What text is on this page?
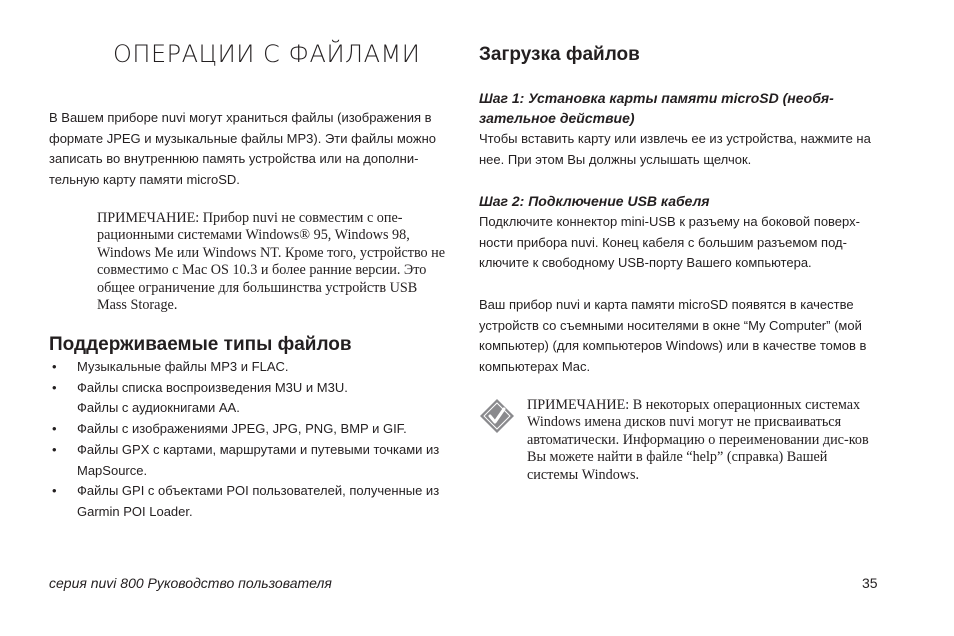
ОПЕРАЦИИ С ФАЙЛАМИ
В Вашем приборе nuvi могут храниться файлы (изображения в формате JPEG и музыкальные файлы MP3). Эти файлы можно записать во внутреннюю память устройства или на дополни-тельную карту памяти microSD.
ПРИМЕЧАНИЕ: Прибор nuvi не совместим с опе-рационными системами Windows® 95, Windows 98, Windows Me или Windows NT. Кроме того, устройство не совместимо с Mac OS 10.3 и более ранние версии. Это общее ограничение для большинства устройств USB Mass Storage.
Поддерживаемые типы файлов
• Музыкальные файлы MP3 и FLAC.
• Файлы списка воспроизведения M3U и M3U.
Файлы с аудиокнигами AA.
• Файлы с изображениями JPEG, JPG, PNG, BMP и GIF.
• Файлы GPX с картами, маршрутами и путевыми точками из MapSource.
• Файлы GPI с объектами POI пользователей, полученные из Garmin POI Loader.
Загрузка файлов
Шаг 1: Установка карты памяти microSD (необя-зательное действие)
Чтобы вставить карту или извлечь ее из устройства, нажмите на нее. При этом Вы должны услышать щелчок.
Шаг 2: Подключение USB кабеля
Подключите коннектор mini-USB к разъему на боковой поверх-ности прибора nuvi. Конец кабеля с большим разъемом под-ключите к свободному USB-порту Вашего компьютера.
Ваш прибор nuvi и карта памяти microSD появятся в качестве устройств со съемными носителями в окне “My Computer” (мой компьютер) (для компьютеров Windows) или в качестве томов в компьютерах Mac.
ПРИМЕЧАНИЕ: В некоторых операционных системах Windows имена дисков nuvi могут не присваиваться автоматически. Информацию о переименовании дис-ков Вы можете найти в файле “help” (справка) Вашей системы Windows.
серия nuvi 800 Руководство пользователя	35
